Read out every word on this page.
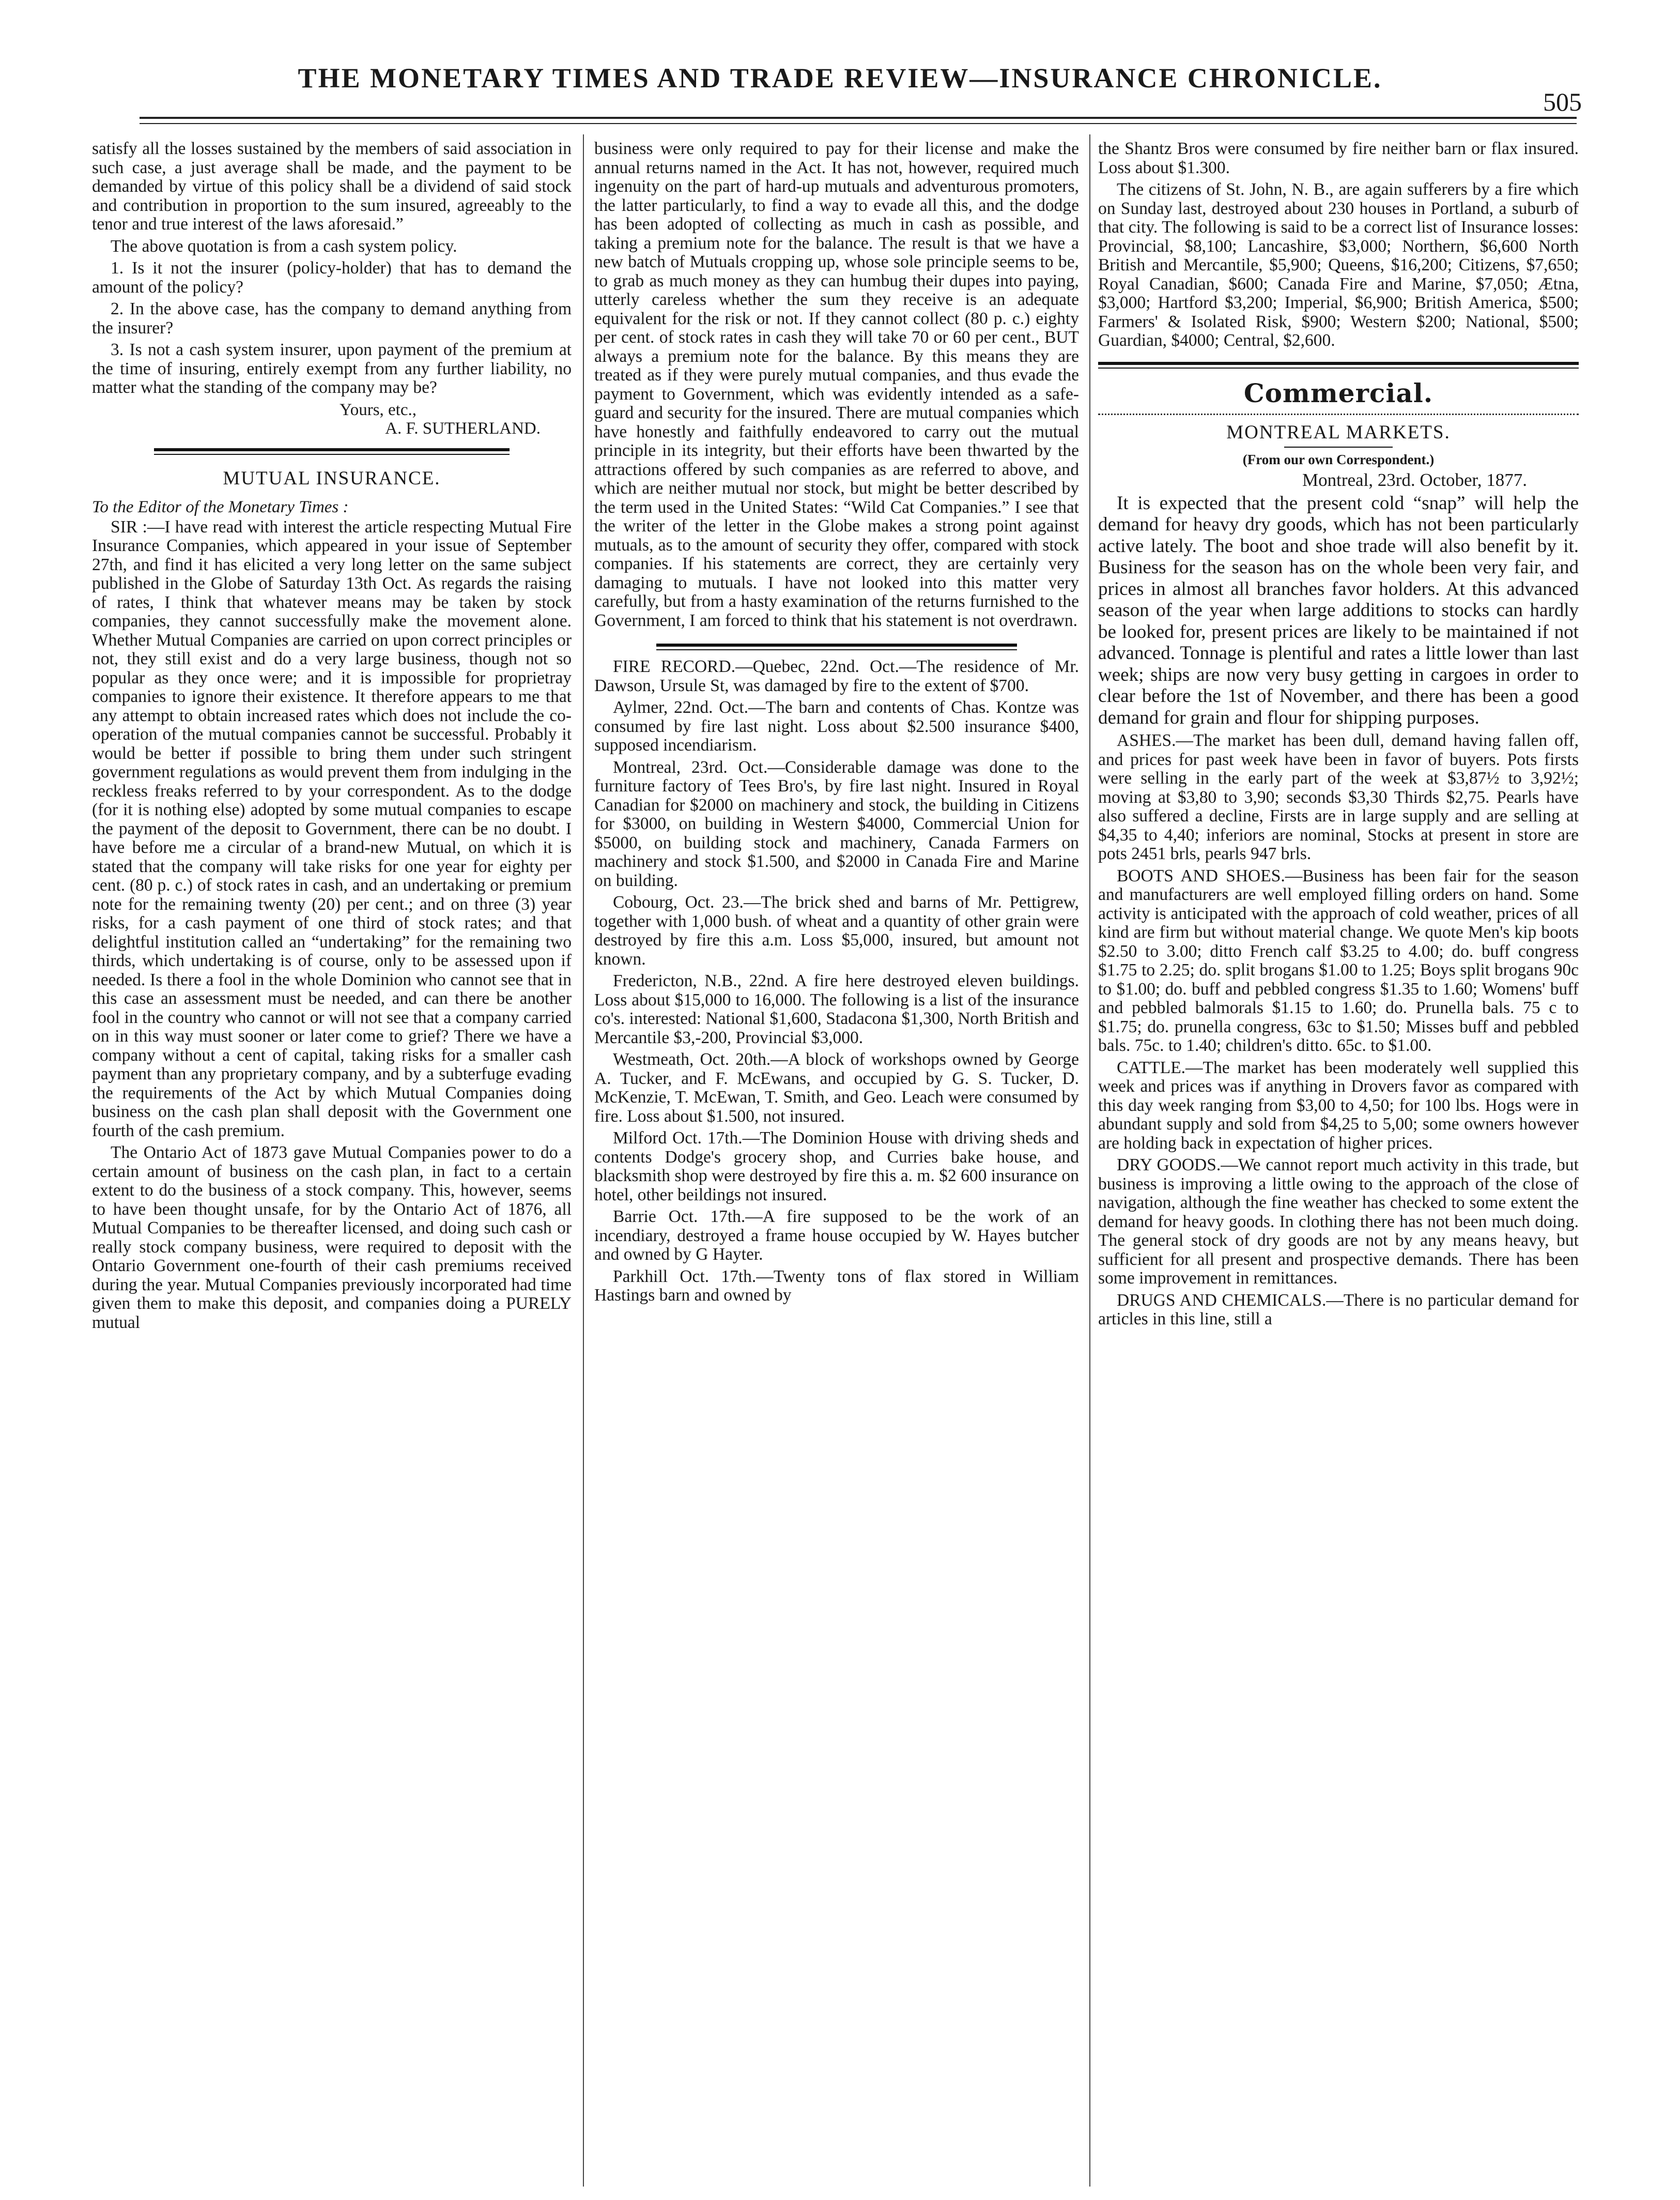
THE MONETARY TIMES AND TRADE REVIEW—INSURANCE CHRONICLE.
505

satisfy all the losses sustained by the members of said association in such case, a just average shall be made, and the payment to be demanded by virtue of this policy shall be a dividend of said stock and contribution in proportion to the sum insured, agreeably to the tenor and true interest of the laws aforesaid.”

The above quotation is from a cash system policy.

1. Is it not the insurer (policy-holder) that has to demand the amount of the policy?

2. In the above case, has the company to demand anything from the insurer?

3. Is not a cash system insurer, upon payment of the premium at the time of insuring, entirely exempt from any further liability, no matter what the standing of the company may be?

Yours, etc.,
A. F. SUTHERLAND.
MUTUAL INSURANCE.
To the Editor of the Monetary Times :

SIR :—I have read with interest the article respecting Mutual Fire Insurance Companies, which appeared in your issue of September 27th, and find it has elicited a very long letter on the same subject published in the Globe of Saturday 13th Oct. As regards the raising of rates, I think that whatever means may be taken by stock companies, they cannot successfully make the movement alone. Whether Mutual Companies are carried on upon correct principles or not, they still exist and do a very large business, though not so popular as they once were; and it is impossible for proprietray companies to ignore their existence. It therefore appears to me that any attempt to obtain increased rates which does not include the co-operation of the mutual companies cannot be successful. Probably it would be better if possible to bring them under such stringent government regulations as would prevent them from indulging in the reckless freaks referred to by your correspondent. As to the dodge (for it is nothing else) adopted by some mutual companies to escape the payment of the deposit to Government, there can be no doubt. I have before me a circular of a brand-new Mutual, on which it is stated that the company will take risks for one year for eighty per cent. (80 p. c.) of stock rates in cash, and an undertaking or premium note for the remaining twenty (20) per cent.; and on three (3) year risks, for a cash payment of one third of stock rates; and that delightful institution called an “undertaking” for the remaining two thirds, which undertaking is of course, only to be assessed upon if needed. Is there a fool in the whole Dominion who cannot see that in this case an assessment must be needed, and can there be another fool in the country who cannot or will not see that a company carried on in this way must sooner or later come to grief? There we have a company without a cent of capital, taking risks for a smaller cash payment than any proprietary company, and by a subterfuge evading the requirements of the Act by which Mutual Companies doing business on the cash plan shall deposit with the Government one fourth of the cash premium.

The Ontario Act of 1873 gave Mutual Companies power to do a certain amount of business on the cash plan, in fact to a certain extent to do the business of a stock company. This, however, seems to have been thought unsafe, for by the Ontario Act of 1876, all Mutual Companies to be thereafter licensed, and doing such cash or really stock company business, were required to deposit with the Ontario Government one-fourth of their cash premiums received during the year. Mutual Companies previously incorporated had time given them to make this deposit, and companies doing a PURELY mutual

business were only required to pay for their license and make the annual returns named in the Act. It has not, however, required much ingenuity on the part of hard-up mutuals and adventurous promoters, the latter particularly, to find a way to evade all this, and the dodge has been adopted of collecting as much in cash as possible, and taking a premium note for the balance. The result is that we have a new batch of Mutuals cropping up, whose sole principle seems to be, to grab as much money as they can humbug their dupes into paying, utterly careless whether the sum they receive is an adequate equivalent for the risk or not. If they cannot collect (80 p. c.) eighty per cent. of stock rates in cash they will take 70 or 60 per cent., BUT always a premium note for the balance. By this means they are treated as if they were purely mutual companies, and thus evade the payment to Government, which was evidently intended as a safe-guard and security for the insured. There are mutual companies which have honestly and faithfully endeavored to carry out the mutual principle in its integrity, but their efforts have been thwarted by the attractions offered by such companies as are referred to above, and which are neither mutual nor stock, but might be better described by the term used in the United States: “Wild Cat Companies.” I see that the writer of the letter in the Globe makes a strong point against mutuals, as to the amount of security they offer, compared with stock companies. If his statements are correct, they are certainly very damaging to mutuals. I have not looked into this matter very carefully, but from a hasty examination of the returns furnished to the Government, I am forced to think that his statement is not overdrawn.

FIRE RECORD.—Quebec, 22nd. Oct.—The residence of Mr. Dawson, Ursule St, was damaged by fire to the extent of $700.

Aylmer, 22nd. Oct.—The barn and contents of Chas. Kontze was consumed by fire last night. Loss about $2.500 insurance $400, supposed incendiarism.

Montreal, 23rd. Oct.—Considerable damage was done to the furniture factory of Tees Bro's, by fire last night. Insured in Royal Canadian for $2000 on machinery and stock, the building in Citizens for $3000, on building in Western $4000, Commercial Union for $5000, on building stock and machinery, Canada Farmers on machinery and stock $1.500, and $2000 in Canada Fire and Marine on building.

Cobourg, Oct. 23.—The brick shed and barns of Mr. Pettigrew, together with 1,000 bush. of wheat and a quantity of other grain were destroyed by fire this a.m. Loss $5,000, insured, but amount not known.

Fredericton, N.B., 22nd. A fire here destroyed eleven buildings. Loss about $15,000 to 16,000. The following is a list of the insurance co's. interested: National $1,600, Stadacona $1,300, North British and Mercantile $3,-200, Provincial $3,000.

Westmeath, Oct. 20th.—A block of workshops owned by George A. Tucker, and F. McEwans, and occupied by G. S. Tucker, D. McKenzie, T. McEwan, T. Smith, and Geo. Leach were consumed by fire. Loss about $1.500, not insured.

Milford Oct. 17th.—The Dominion House with driving sheds and contents Dodge's grocery shop, and Curries bake house, and blacksmith shop were destroyed by fire this a. m. $2 600 insurance on hotel, other beildings not insured.

Barrie Oct. 17th.—A fire supposed to be the work of an incendiary, destroyed a frame house occupied by W. Hayes butcher and owned by G Hayter.

Parkhill Oct. 17th.—Twenty tons of flax stored in William Hastings barn and owned by

the Shantz Bros were consumed by fire neither barn or flax insured. Loss about $1.300.

The citizens of St. John, N. B., are again sufferers by a fire which on Sunday last, destroyed about 230 houses in Portland, a suburb of that city. The following is said to be a correct list of Insurance losses: Provincial, $8,100; Lancashire, $3,000; Northern, $6,600 North British and Mercantile, $5,900; Queens, $16,200; Citizens, $7,650; Royal Canadian, $600; Canada Fire and Marine, $7,050; Ætna, $3,000; Hartford $3,200; Imperial, $6,900; British America, $500; Farmers' & Isolated Risk, $900; Western $200; National, $500; Guardian, $4000; Central, $2,600.

Commercial.
MONTREAL MARKETS.
(From our own Correspondent.)
Montreal, 23rd. October, 1877.

It is expected that the present cold “snap” will help the demand for heavy dry goods, which has not been particularly active lately. The boot and shoe trade will also benefit by it. Business for the season has on the whole been very fair, and prices in almost all branches favor holders. At this advanced season of the year when large additions to stocks can hardly be looked for, present prices are likely to be maintained if not advanced. Tonnage is plentiful and rates a little lower than last week; ships are now very busy getting in cargoes in order to clear before the 1st of November, and there has been a good demand for grain and flour for shipping purposes.

ASHES.—The market has been dull, demand having fallen off, and prices for past week have been in favor of buyers. Pots firsts were selling in the early part of the week at $3,87½ to 3,92½; moving at $3,80 to 3,90; seconds $3,30 Thirds $2,75. Pearls have also suffered a decline, Firsts are in large supply and are selling at $4,35 to 4,40; inferiors are nominal, Stocks at present in store are pots 2451 brls, pearls 947 brls.

BOOTS AND SHOES.—Business has been fair for the season and manufacturers are well employed filling orders on hand. Some activity is anticipated with the approach of cold weather, prices of all kind are firm but without material change. We quote Men's kip boots $2.50 to 3.00; ditto French calf $3.25 to 4.00; do. buff congress $1.75 to 2.25; do. split brogans $1.00 to 1.25; Boys split brogans 90c to $1.00; do. buff and pebbled congress $1.35 to 1.60; Womens' buff and pebbled balmorals $1.15 to 1.60; do. Prunella bals. 75 c to $1.75; do. prunella congress, 63c to $1.50; Misses buff and pebbled bals. 75c. to 1.40; children's ditto. 65c. to $1.00.

CATTLE.—The market has been moderately well supplied this week and prices was if anything in Drovers favor as compared with this day week ranging from $3,00 to 4,50; for 100 lbs. Hogs were in abundant supply and sold from $4,25 to 5,00; some owners however are holding back in expectation of higher prices.

DRY GOODS.—We cannot report much activity in this trade, but business is improving a little owing to the approach of the close of navigation, although the fine weather has checked to some extent the demand for heavy goods. In clothing there has not been much doing. The general stock of dry goods are not by any means heavy, but sufficient for all present and prospective demands. There has been some improvement in remittances.

DRUGS AND CHEMICALS.—There is no particular demand for articles in this line, still a
